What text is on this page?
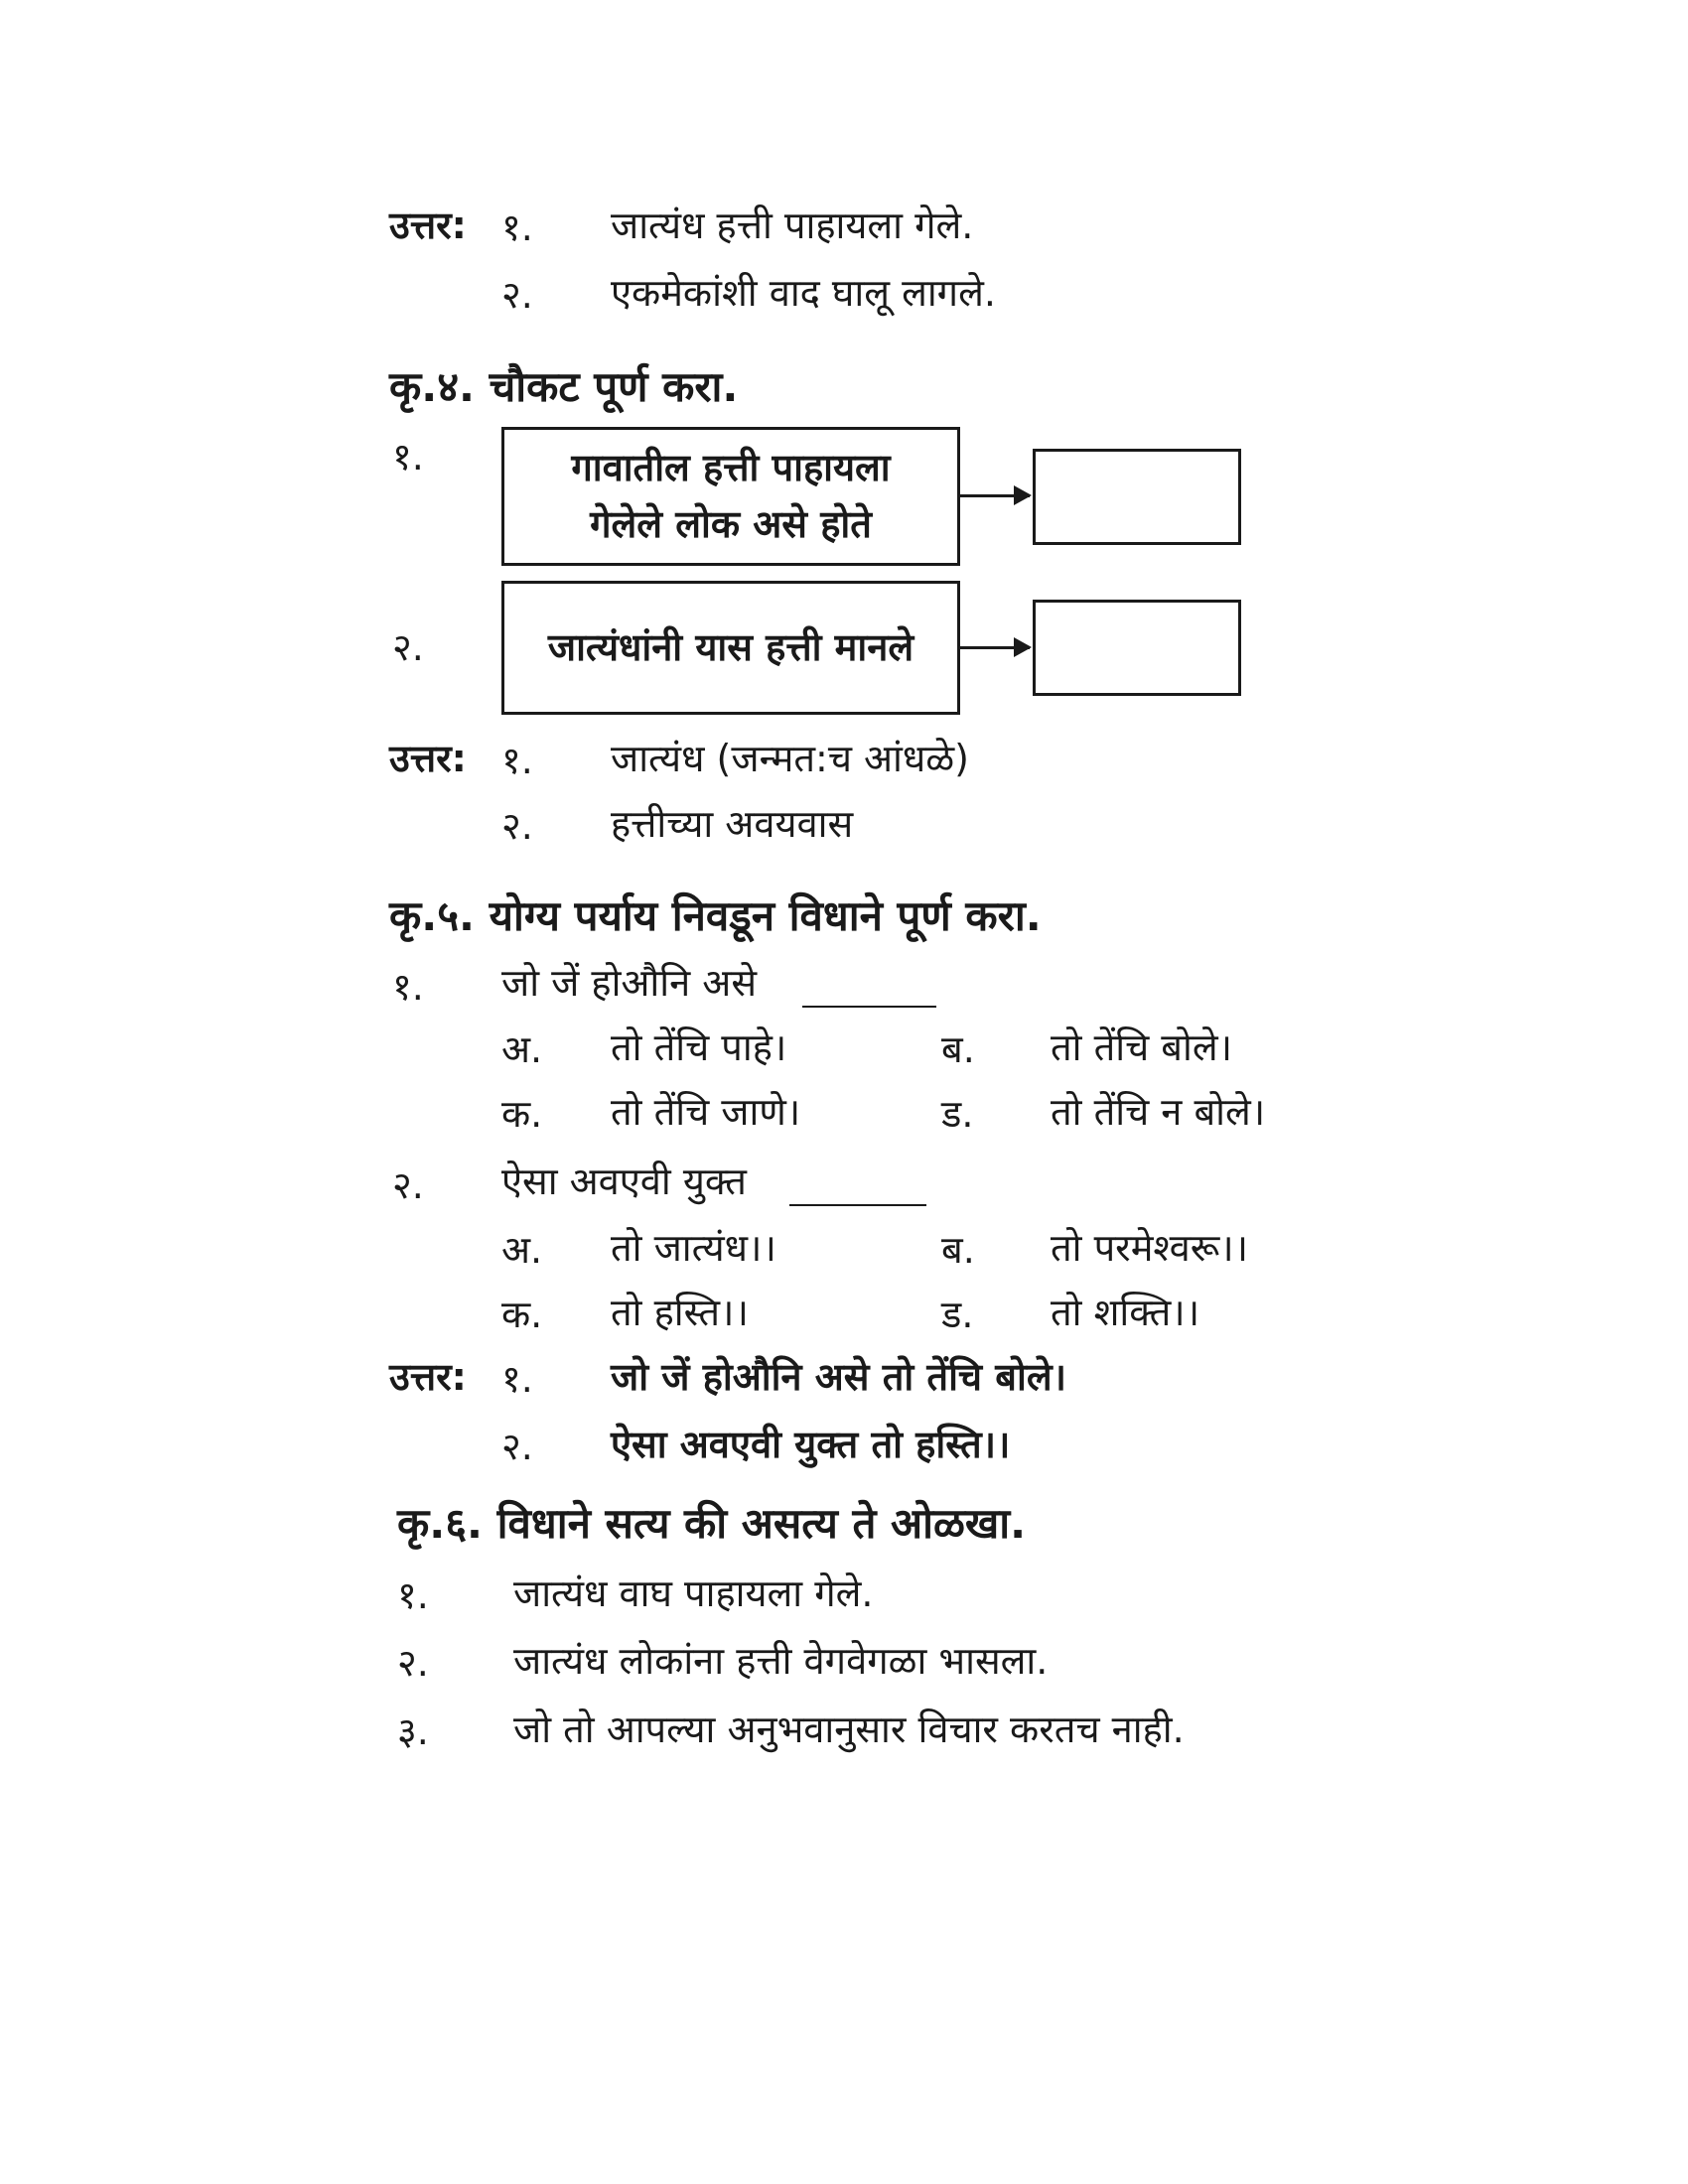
उत्तर: १. जात्यंध हत्ती पाहायला गेले.
२. एकमेकांशी वाद घालू लागले.
कृ.४. चौकट पूर्ण करा.
१.	गावातील हत्ती पाहायला
गेलेले लोक असे होते
२.	जात्यंधांनी यास हत्ती मानले
उत्तर: १. जात्यंध (जन्मत:च आंधळे)
२. हत्तीच्या अवयवास
कृ.५. योग्य पर्याय निवडून विधाने पूर्ण करा.
१. जो जें होऔनि असे
अ. तो तेंचि पाहे।	ब. तो तेंचि बोले।
क. तो तेंचि जाणे।	ड. तो तेंचि न बोले।
२. ऐसा अवएवी युक्त
अ. तो जात्यंध।।	ब. तो परमेश्वरू।।
क. तो हस्ति।।	ड. तो शक्ति।।
उत्तर: १. जो जें होऔनि असे तो तेंचि बोले।
२. ऐसा अवएवी युक्त तो हस्ति।।
कृ.६. विधाने सत्य की असत्य ते ओळखा.
१. जात्यंध वाघ पाहायला गेले.
२. जात्यंध लोकांना हत्ती वेगवेगळा भासला.
३. जो तो आपल्या अनुभवानुसार विचार करतच नाही.
